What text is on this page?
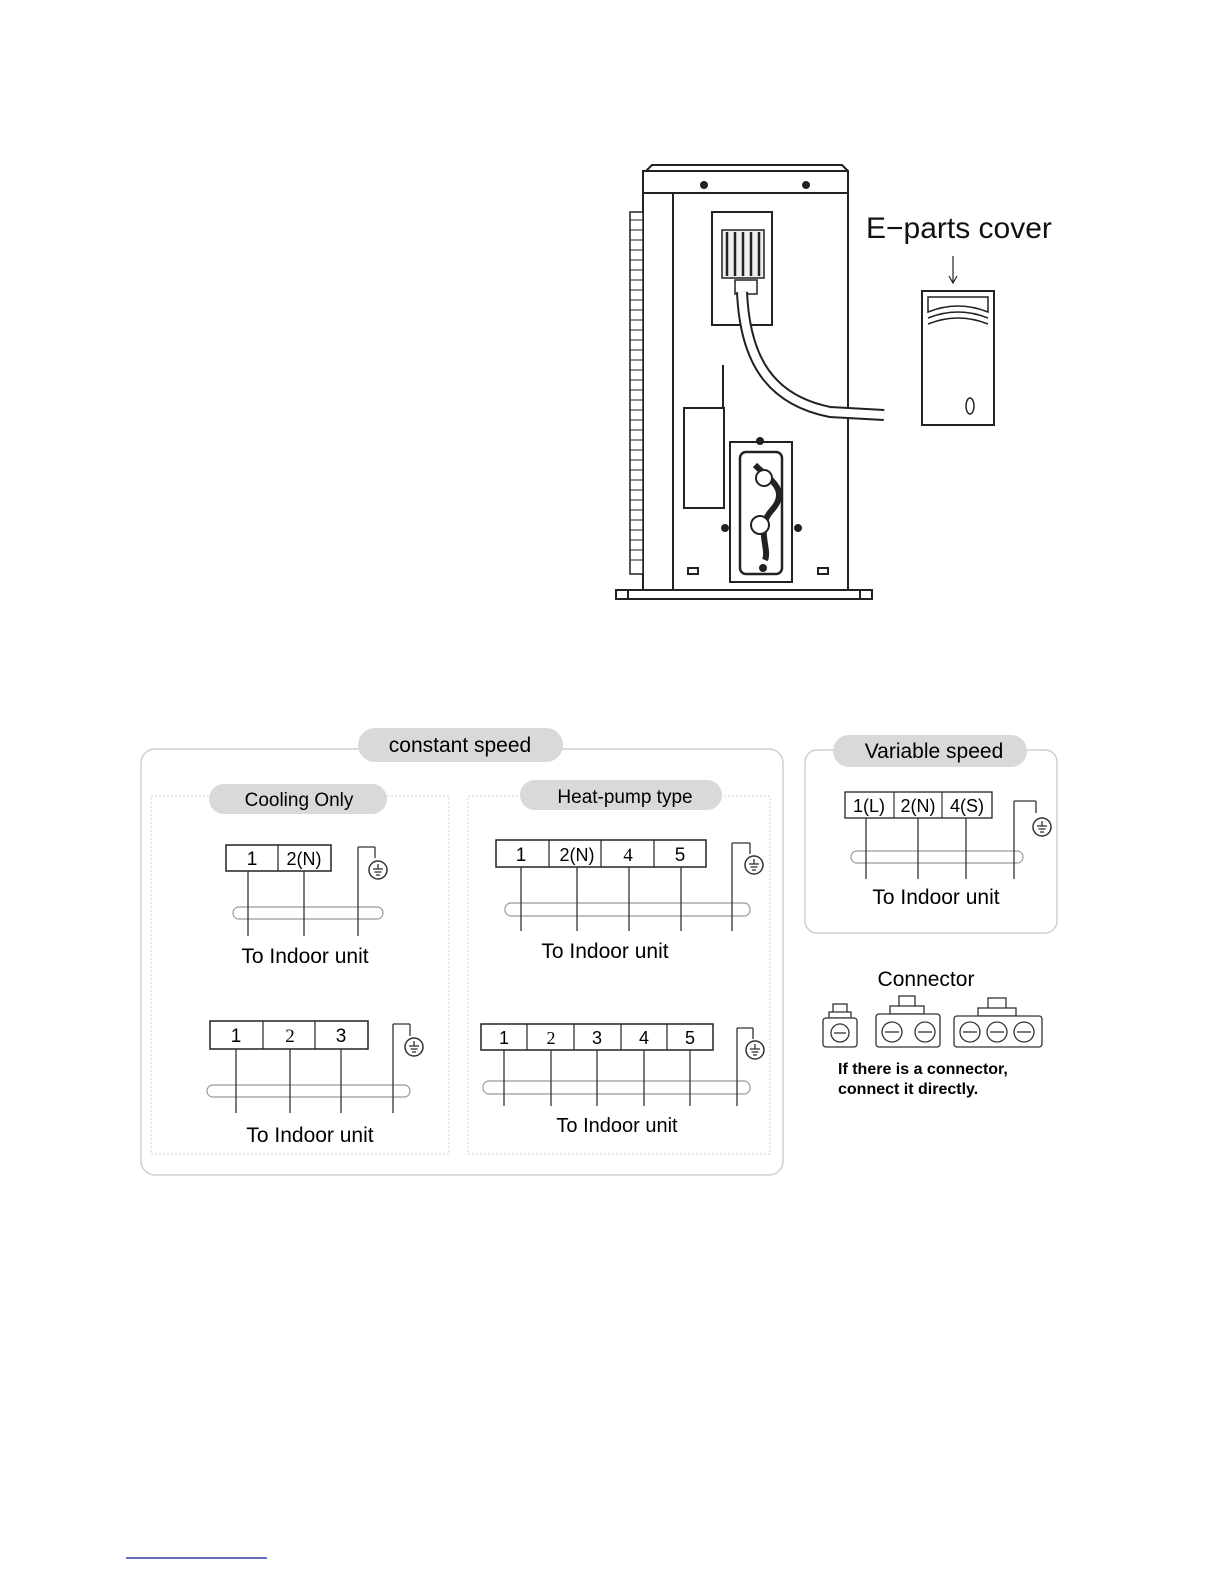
E−parts cover
constant speed
Cooling Only	Heat-pump type
1 2(N)
To Indoor unit
1 2 3
To Indoor unit
1 2(N) 4 5
To Indoor unit
1 2 3 4 5
To Indoor unit
Variable speed
1(L) 2(N) 4(S)
To Indoor unit
Connector
If there is a connector,
connect it directly.
